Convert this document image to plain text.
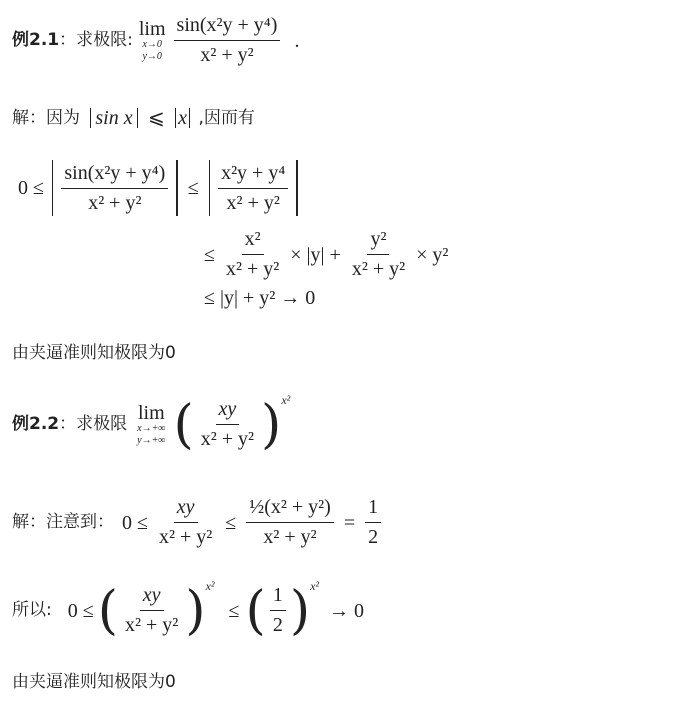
例2.1 ：求极限: lim
x→0
$y\to 0 \frac{\text{sin(x²y + y⁴)}}{\text{x² + y²}}$ .
解：因为 sin x ⩽ x ,因而有
$0 \le \frac{\text{sin(x²y + y⁴)}}{\text{x² + y²}} \le \frac{\text{x²y + y⁴}}{\text{x² + y²}}$
≤ $\frac{\text{x²}}{\text{x² + y²}} \times |y| + \frac{\text{y²}}{\text{x² + y²}} \times y^2$
≤ |y| + y² → 0
由夹逼准则知极限为0
例2.2 ：求极限 lim
x→+∞
y→+∞ ( $\frac{xy}{\text{x² + y²}}$ ) x²
解：注意到： $0 \le \frac{xy}{\text{x² + y²}} \le \frac{\text{½(x² + y²)}}{\text{x² + y²}} = \frac{1}{2}$
所以: 0 ≤ ( $\frac{xy}{\text{x² + y²}}$ ) x²
≤ ( $\frac{1}{2}$ ) x²
→ 0
由夹逼准则知极限为0
